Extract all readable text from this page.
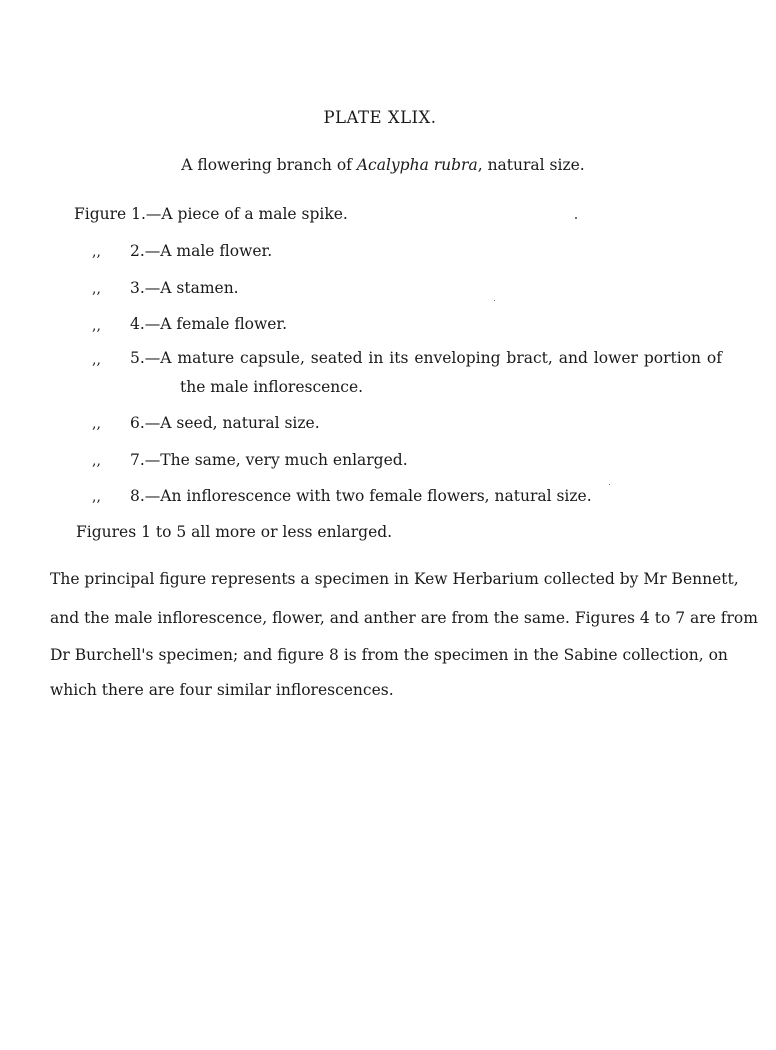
PLATE XLIX.
A flowering branch of Acalypha rubra, natural size.
Figure 1.—A piece of a male spike.
,, 2.—A male flower.
,, 3.—A stamen.
,, 4.—A female flower.
,, 5.—A mature capsule, seated in its enveloping bract, and lower portion of
the male inflorescence.
,, 6.—A seed, natural size.
,, 7.—The same, very much enlarged.
,, 8.—An inflorescence with two female flowers, natural size.
Figures 1 to 5 all more or less enlarged.
The principal figure represents a specimen in Kew Herbarium collected by Mr Bennett,
and the male inflorescence, flower, and anther are from the same. Figures 4 to 7 are from
Dr Burchell's specimen; and figure 8 is from the specimen in the Sabine collection, on
which there are four similar inflorescences.
